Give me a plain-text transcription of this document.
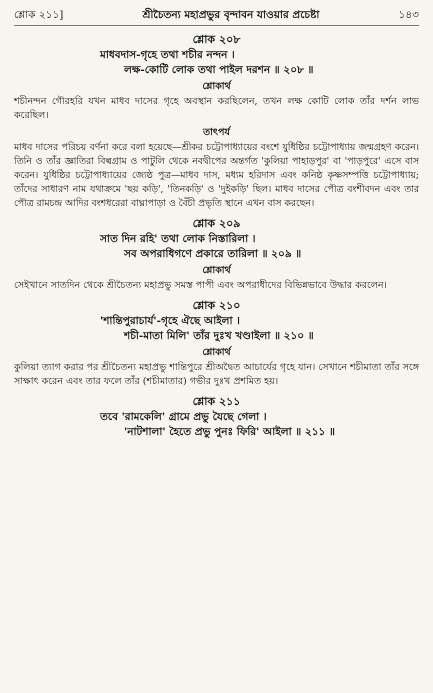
শ্লোক ২১১]	শ্রীচৈতন্য মহাপ্রভুর বৃন্দাবন যাওয়ার প্রচেষ্টা	১৪৩
শ্লোক ২০৮

মাধবদাস-গৃহে তথা শচীর নন্দন ।

লক্ষ-কোটি লোক তথা পাইল দরশন ॥ ২০৮ ॥

শ্লোকার্থ

শচীনন্দন গৌরহরি যখন মাধব দাসের গৃহে অবস্থান করছিলেন, তখন লক্ষ কোটি লোক তাঁর দর্শন লাভ করেছিল।

তাৎপর্য

মাধব দাসের পরিচয় বর্ণনা করে বলা হয়েছে—শ্রীকর চট্টোপাধ্যায়ের বংশে যুধিষ্ঠির চট্টোপাধ্যায় জন্মগ্রহণ করেন। তিনি ও তাঁর জ্ঞাতিরা বিল্বগ্রাম ও পাটুলি থেকে নবদ্বীপের অন্তর্গত 'কুলিয়া পাহাড়পুর' বা 'পাড়পুরে' এসে বাস করেন। যুধিষ্ঠির চট্টোপাধ্যায়ের জ্যেষ্ঠ পুত্র—মাধব দাস, মধ্যম হরিদাস এবং কনিষ্ঠ কৃষ্ণসম্পত্তি চট্টোপাধ্যায়; তাঁদের সাধারণ নাম যথাক্রমে 'ছয় কড়ি', 'তিনকড়ি' ও 'দুইকড়ি' ছিল। মাধব দাসের পৌত্র বংশীবদন এবং তার পৌত্র রামচন্দ্র আদির বংশধরেরা বাঘ্নাপাড়া ও বৈঁচী প্রভৃতি স্থানে এখন বাস করছেন।

শ্লোক ২০৯

সাত দিন রহি' তথা লোক নিস্তারিলা ।

সব অপরাধিগণে প্রকারে তারিলা ॥ ২০৯ ॥

শ্লোকার্থ

সেইখানে সাতদিন থেকে শ্রীচৈতন্য মহাপ্রভু সমস্ত পাপী এবং অপরাধীদের বিভিন্নভাবে উদ্ধার করলেন।

শ্লোক ২১০

'শান্তিপুরাচার্য'-গৃহে ঐছে আইলা ।

শচী-মাতা মিলি' তাঁর দুঃখ খণ্ডাইলা ॥ ২১০ ॥

শ্লোকার্থ

কুলিয়া ত্যাগ করার পর শ্রীচৈতন্য মহাপ্রভু শান্তিপুরে শ্রীঅদ্বৈত আচার্যের গৃহে যান। সেখানে শচীমাতা তাঁর সঙ্গে সাক্ষাৎ করেন এবং তার ফলে তাঁর (শচীমাতার) গভীর দুঃখ প্রশমিত হয়।

শ্লোক ২১১

তবে 'রামকেলি' গ্রামে প্রভু যৈছে গেলা ।

'নাটশালা' হৈতে প্রভু পুনঃ ফিরি' আইলা ॥ ২১১ ॥
